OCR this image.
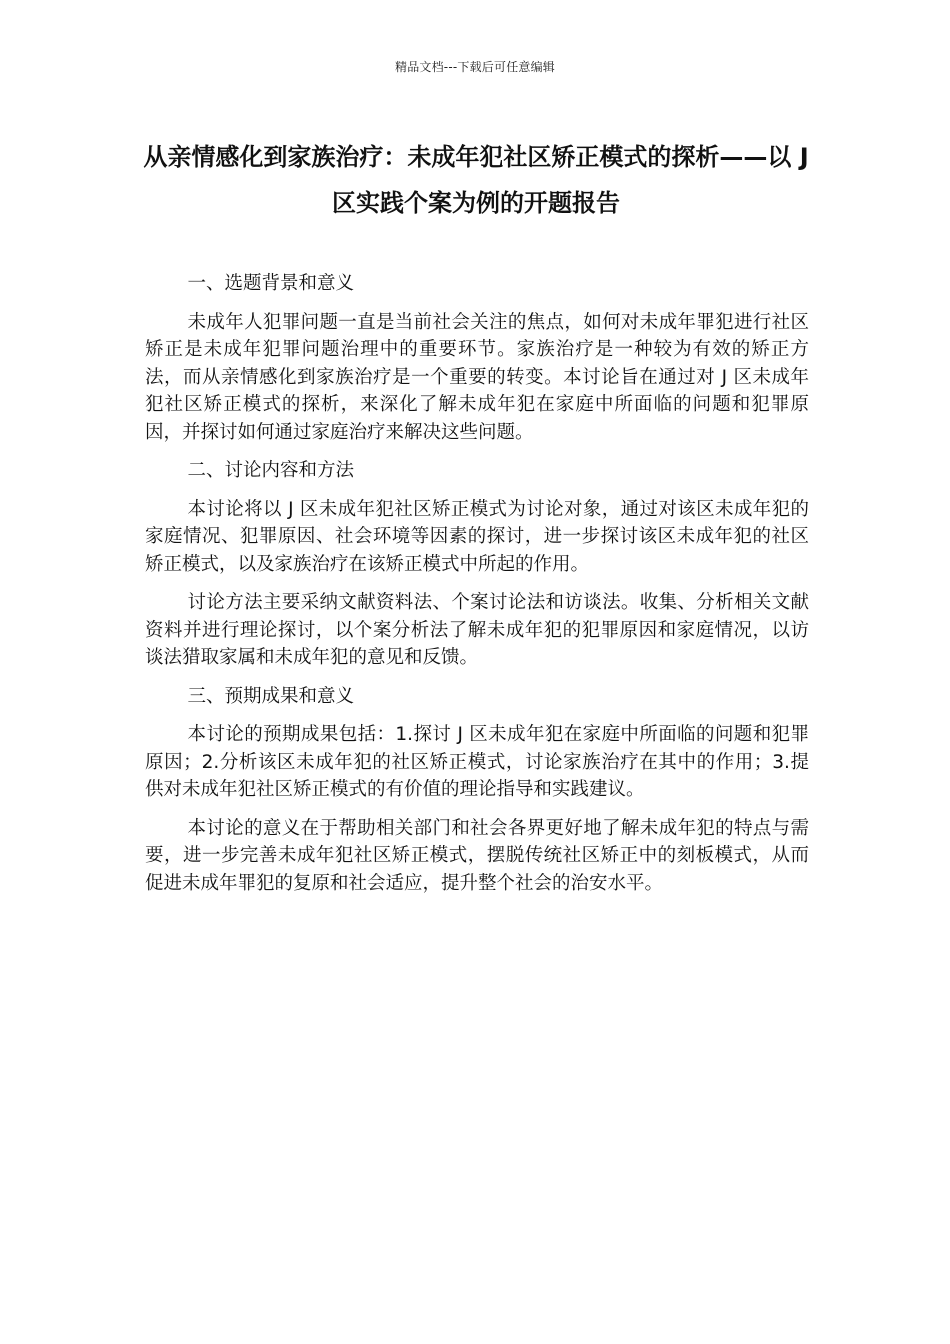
精品文档---下载后可任意编辑
从亲情感化到家族治疗：未成年犯社区矫正模式的探析——以 J 区实践个案为例的开题报告

一、选题背景和意义

未成年人犯罪问题一直是当前社会关注的焦点，如何对未成年罪犯进行社区矫正是未成年犯罪问题治理中的重要环节。家族治疗是一种较为有效的矫正方法，而从亲情感化到家族治疗是一个重要的转变。本讨论旨在通过对 J 区未成年犯社区矫正模式的探析，来深化了解未成年犯在家庭中所面临的问题和犯罪原因，并探讨如何通过家庭治疗来解决这些问题。

二、讨论内容和方法

本讨论将以 J 区未成年犯社区矫正模式为讨论对象，通过对该区未成年犯的家庭情况、犯罪原因、社会环境等因素的探讨，进一步探讨该区未成年犯的社区矫正模式，以及家族治疗在该矫正模式中所起的作用。

讨论方法主要采纳文献资料法、个案讨论法和访谈法。收集、分析相关文献资料并进行理论探讨，以个案分析法了解未成年犯的犯罪原因和家庭情况，以访谈法猎取家属和未成年犯的意见和反馈。

三、预期成果和意义

本讨论的预期成果包括：1.探讨 J 区未成年犯在家庭中所面临的问题和犯罪原因；2.分析该区未成年犯的社区矫正模式，讨论家族治疗在其中的作用；3.提供对未成年犯社区矫正模式的有价值的理论指导和实践建议。

本讨论的意义在于帮助相关部门和社会各界更好地了解未成年犯的特点与需要，进一步完善未成年犯社区矫正模式，摆脱传统社区矫正中的刻板模式，从而促进未成年罪犯的复原和社会适应，提升整个社会的治安水平。
